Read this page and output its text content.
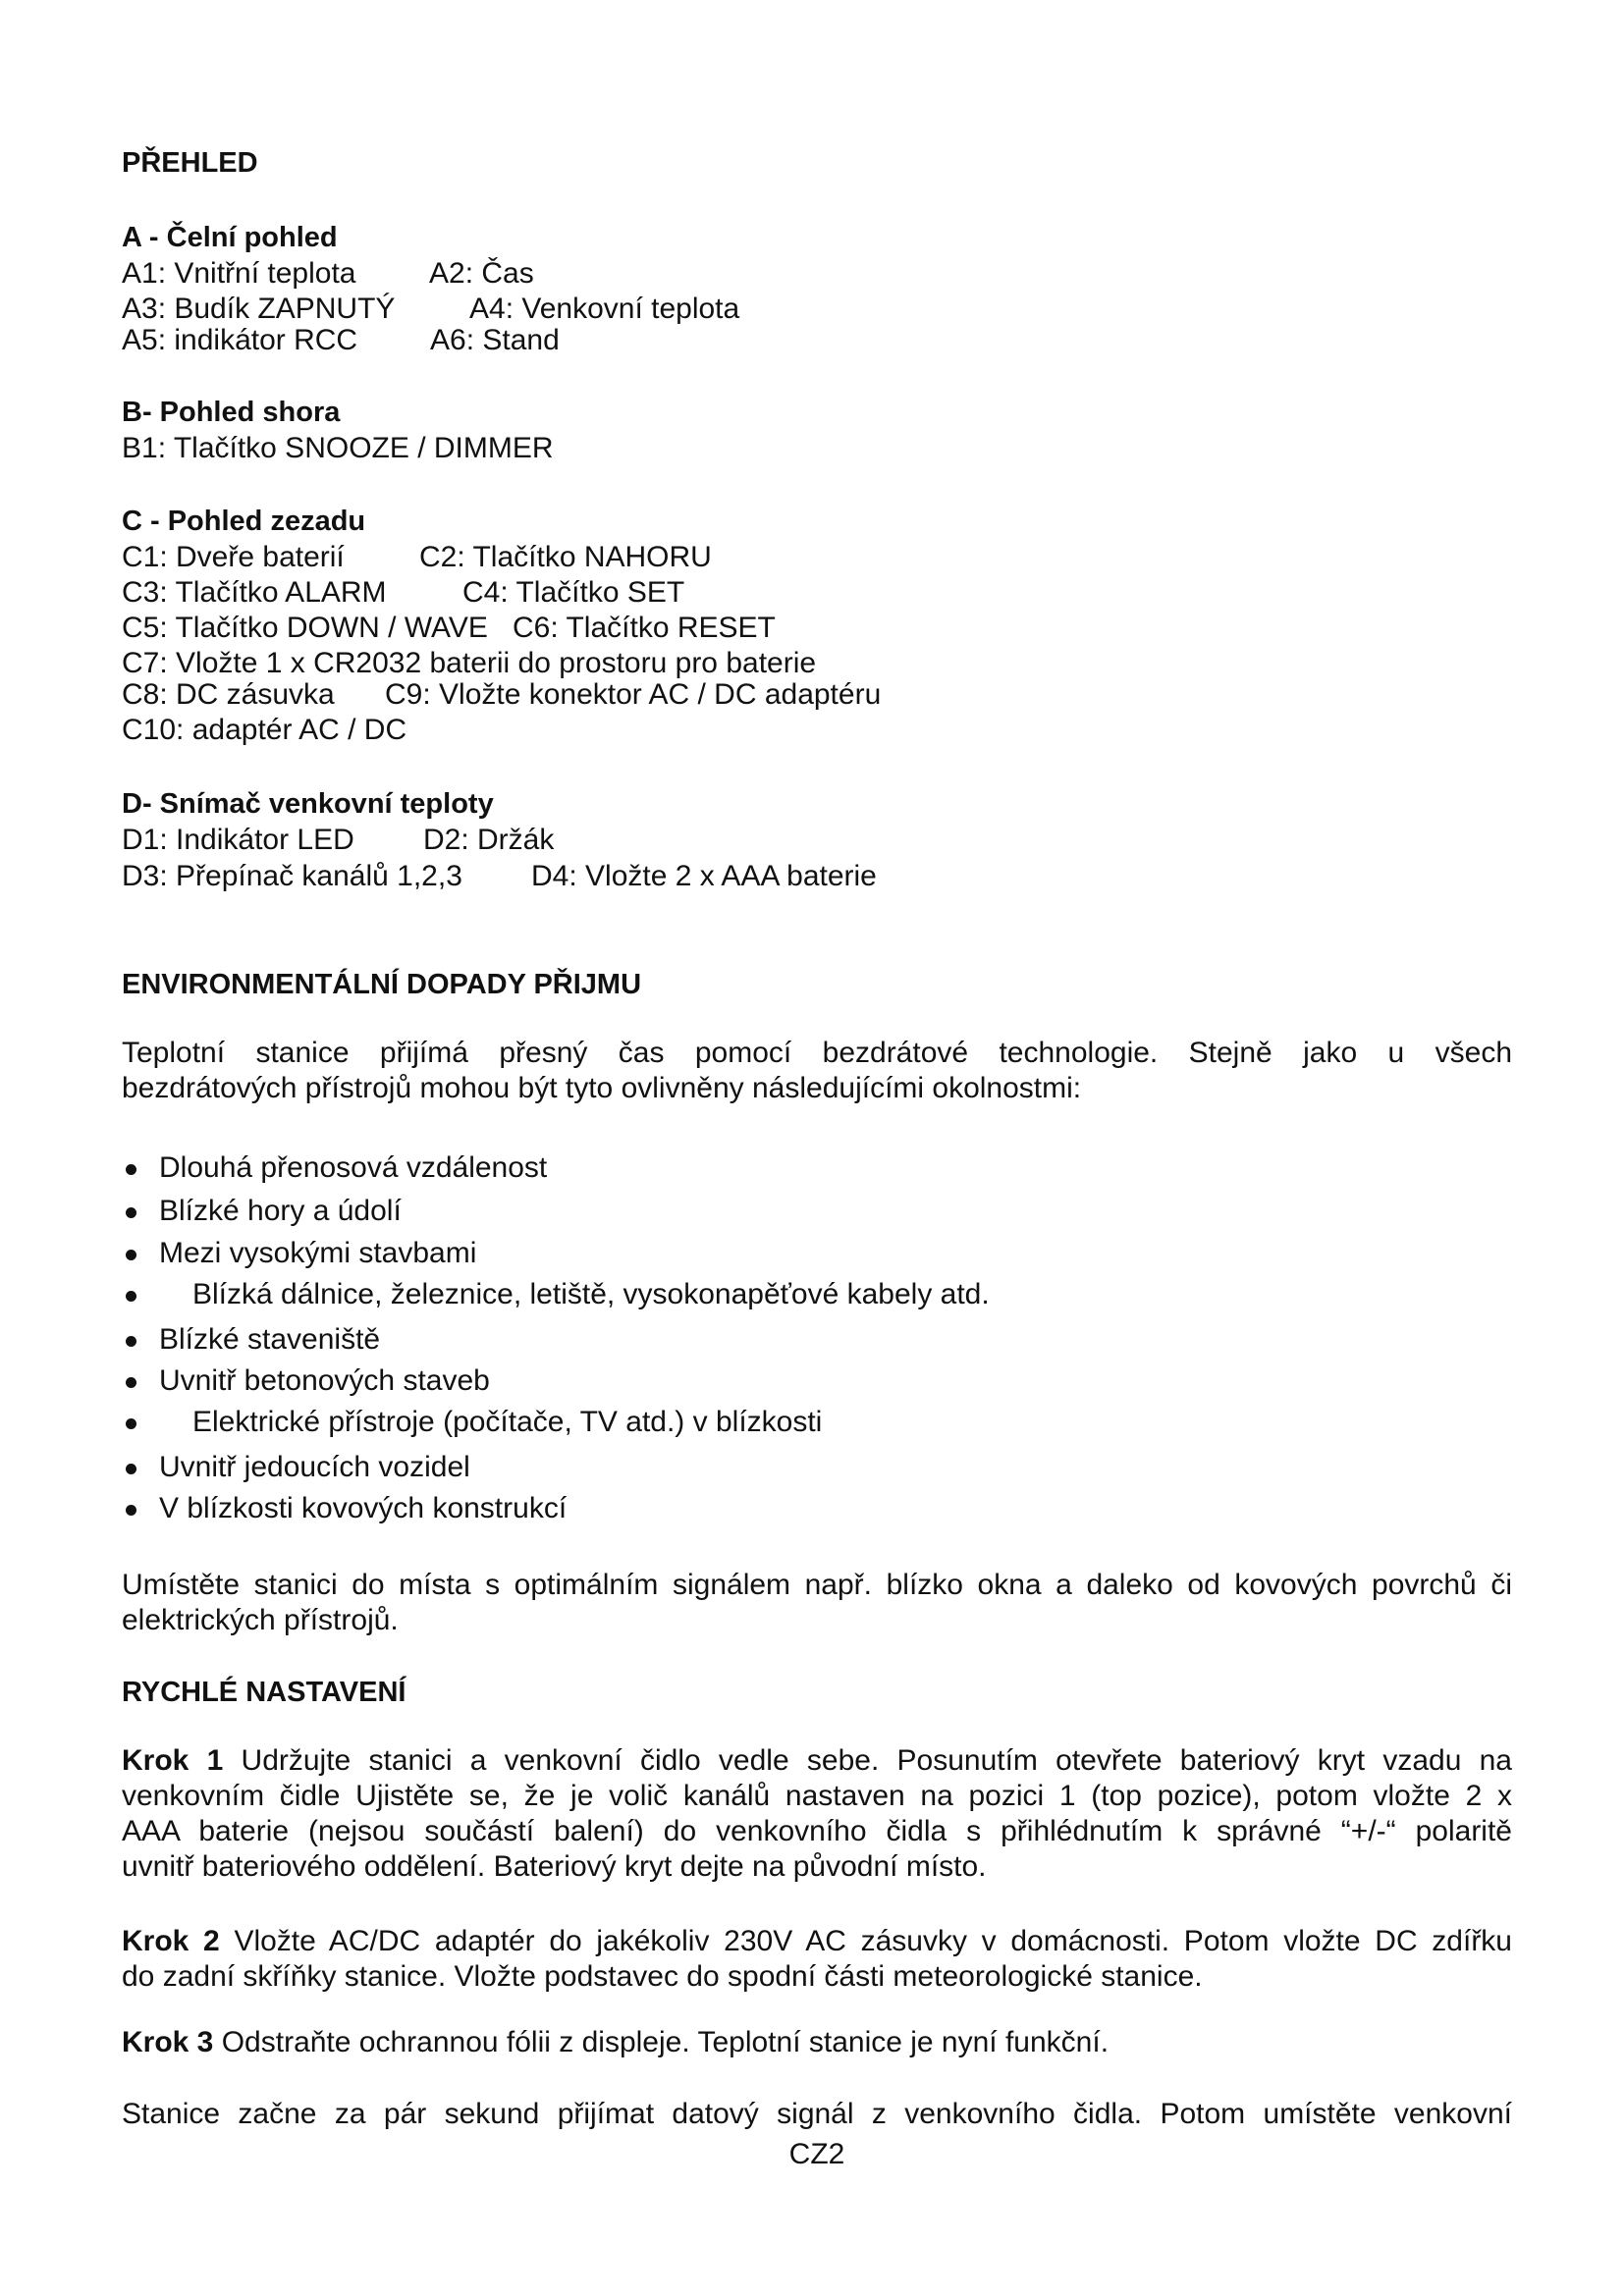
PŘEHLED
A - Čelní pohled
A1: Vnitřní teplota A2: Čas
A3: Budík ZAPNUTÝ	A4: Venkovní teplota
A5: indikátor RCC A6: Stand
B- Pohled shora
B1: Tlačítko SNOOZE / DIMMER
C - Pohled zezadu
C1: Dveře baterií	C2: Tlačítko NAHORU
C3: Tlačítko ALARM	C4: Tlačítko SET
C5: Tlačítko DOWN / WAVE C6: Tlačítko RESET
C7: Vložte 1 x CR2032 baterii do prostoru pro baterie
C8: DC zásuvka C9: Vložte konektor AC / DC adaptéru
C10: adaptér AC / DC
D- Snímač venkovní teploty
D1: Indikátor LED D2: Držák
D3: Přepínač kanálů 1,2,3 D4: Vložte 2 x AAA baterie
ENVIRONMENTÁLNÍ DOPADY PŘIJMU
Teplotní stanice přijímá přesný čas pomocí bezdrátové technologie. Stejně jako u všech
bezdrátových přístrojů mohou být tyto ovlivněny následujícími okolnostmi:
Dlouhá přenosová vzdálenost
Blízké hory a údolí
Mezi vysokými stavbami
Blízká dálnice, železnice, letiště, vysokonapěťové kabely atd.
Blízké staveniště
Uvnitř betonových staveb
Elektrické přístroje (počítače, TV atd.) v blízkosti
Uvnitř jedoucích vozidel
V blízkosti kovových konstrukcí
Umístěte stanici do místa s optimálním signálem např. blízko okna a daleko od kovových povrchů či
elektrických přístrojů.
RYCHLÉ NASTAVENÍ
Krok 1 Udržujte stanici a venkovní čidlo vedle sebe. Posunutím otevřete bateriový kryt vzadu na
venkovním čidle Ujistěte se, že je volič kanálů nastaven na pozici 1 (top pozice), potom vložte 2 x
AAA baterie (nejsou součástí balení) do venkovního čidla s přihlédnutím k správné “+/-“ polaritě
uvnitř bateriového oddělení. Bateriový kryt dejte na původní místo.
Krok 2 Vložte AC/DC adaptér do jakékoliv 230V AC zásuvky v domácnosti. Potom vložte DC zdířku
do zadní skříňky stanice. Vložte podstavec do spodní části meteorologické stanice.
Krok 3 Odstraňte ochrannou fólii z displeje. Teplotní stanice je nyní funkční.
Stanice začne za pár sekund přijímat datový signál z venkovního čidla. Potom umístěte venkovní
CZ2
